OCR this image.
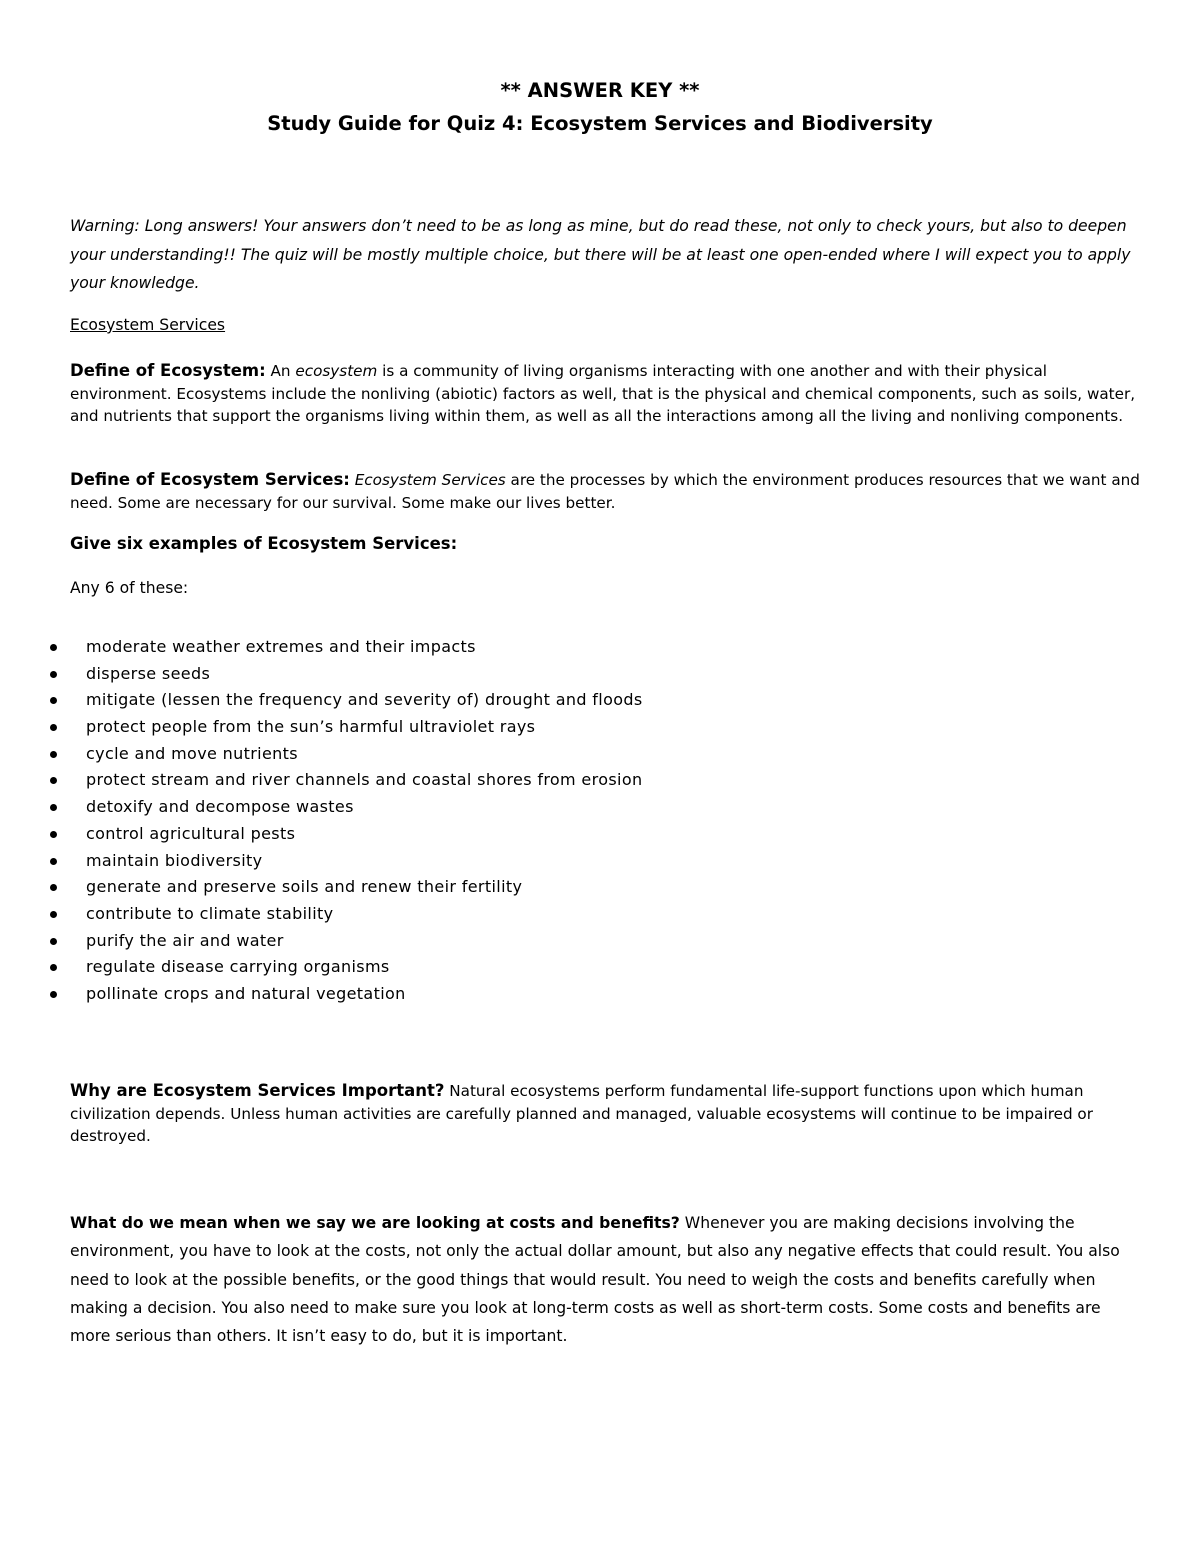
** ANSWER KEY **
Study Guide for Quiz 4: Ecosystem Services and Biodiversity
Warning: Long answers! Your answers don’t need to be as long as mine, but do read these, not only to check yours, but also to deepen your understanding!! The quiz will be mostly multiple choice, but there will be at least one open-ended where I will expect you to apply your knowledge.
Ecosystem Services
Define of Ecosystem: An ecosystem is a community of living organisms interacting with one another and with their physical environment. Ecosystems include the nonliving (abiotic) factors as well, that is the physical and chemical components, such as soils, water, and nutrients that support the organisms living within them, as well as all the interactions among all the living and nonliving components.
Define of Ecosystem Services: Ecosystem Services are the processes by which the environment produces resources that we want and need. Some are necessary for our survival. Some make our lives better.
Give six examples of Ecosystem Services:
Any 6 of these:
moderate weather extremes and their impacts
disperse seeds
mitigate (lessen the frequency and severity of) drought and floods
protect people from the sun’s harmful ultraviolet rays
cycle and move nutrients
protect stream and river channels and coastal shores from erosion
detoxify and decompose wastes
control agricultural pests
maintain biodiversity
generate and preserve soils and renew their fertility
contribute to climate stability
purify the air and water
regulate disease carrying organisms
pollinate crops and natural vegetation
Why are Ecosystem Services Important? Natural ecosystems perform fundamental life-support functions upon which human civilization depends. Unless human activities are carefully planned and managed, valuable ecosystems will continue to be impaired or destroyed.
What do we mean when we say we are looking at costs and benefits? Whenever you are making decisions involving the environment, you have to look at the costs, not only the actual dollar amount, but also any negative effects that could result. You also need to look at the possible benefits, or the good things that would result. You need to weigh the costs and benefits carefully when making a decision. You also need to make sure you look at long-term costs as well as short-term costs. Some costs and benefits are more serious than others. It isn’t easy to do, but it is important.
